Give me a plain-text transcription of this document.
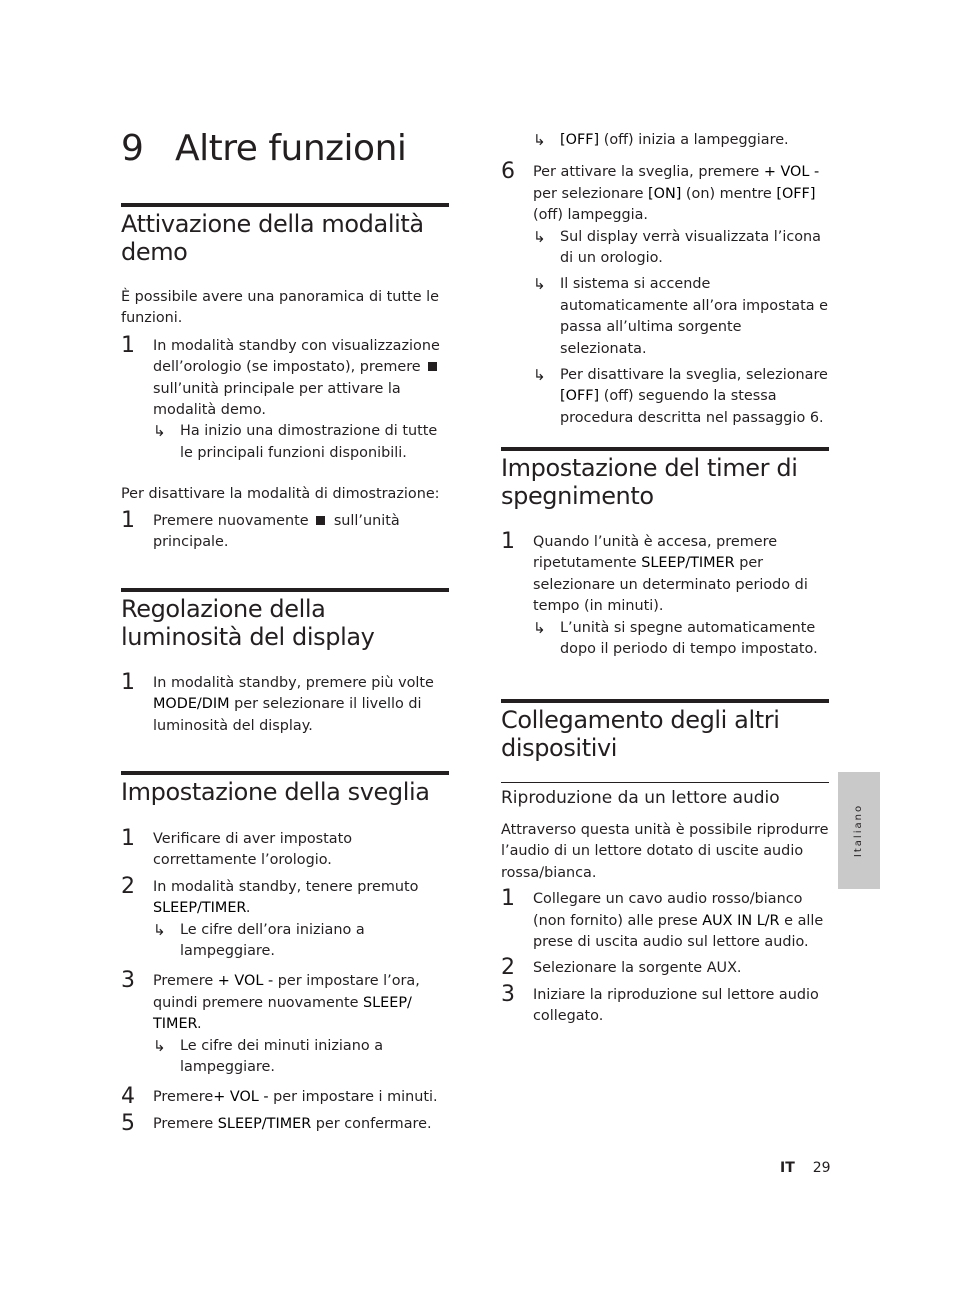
9 Altre funzioni
Attivazione della modalità demo

È possibile avere una panoramica di tutte le funzioni.

1 In modalità standby con visualizzazione dell’orologio (se impostato), premere  sull’unità principale per attivare la modalità demo.
↳ Ha inizio una dimostrazione di tutte le principali funzioni disponibili.

Per disattivare la modalità di dimostrazione:

1 Premere nuovamente sull’unità principale.
Regolazione della luminosità del display
1 In modalità standby, premere più volte MODE/DIM per selezionare il livello di luminosità del display.
Impostazione della sveglia
1 Verificare di aver impostato correttamente l’orologio.
2 In modalità standby, tenere premuto SLEEP/TIMER.
↳ Le cifre dell’ora iniziano a lampeggiare.
3 Premere + VOL - per impostare l’ora, quindi premere nuovamente SLEEP/ TIMER.
↳ Le cifre dei minuti iniziano a lampeggiare.
4 Premere+ VOL - per impostare i minuti.
5 Premere SLEEP/TIMER per confermare.
↳ [OFF] (off) inizia a lampeggiare.
6 Per attivare la sveglia, premere + VOL - per selezionare [ON] (on) mentre [OFF] (off) lampeggia.
↳ Sul display verrà visualizzata l’icona di un orologio.
↳ Il sistema si accende automaticamente all’ora impostata e passa all’ultima sorgente selezionata.
↳ Per disattivare la sveglia, selezionare [OFF] (off) seguendo la stessa procedura descritta nel passaggio 6.
Impostazione del timer di spegnimento
1 Quando l’unità è accesa, premere ripetutamente SLEEP/TIMER per selezionare un determinato periodo di tempo (in minuti).
↳ L’unità si spegne automaticamente dopo il periodo di tempo impostato.
Collegamento degli altri dispositivi
Riproduzione da un lettore audio

Attraverso questa unità è possibile riprodurre l’audio di un lettore dotato di uscite audio rossa/bianca.

1 Collegare un cavo audio rosso/bianco (non fornito) alle prese AUX IN L/R e alle prese di uscita audio sul lettore audio.
2 Selezionare la sorgente AUX.
3 Iniziare la riproduzione sul lettore audio collegato.
Italiano
IT 29
